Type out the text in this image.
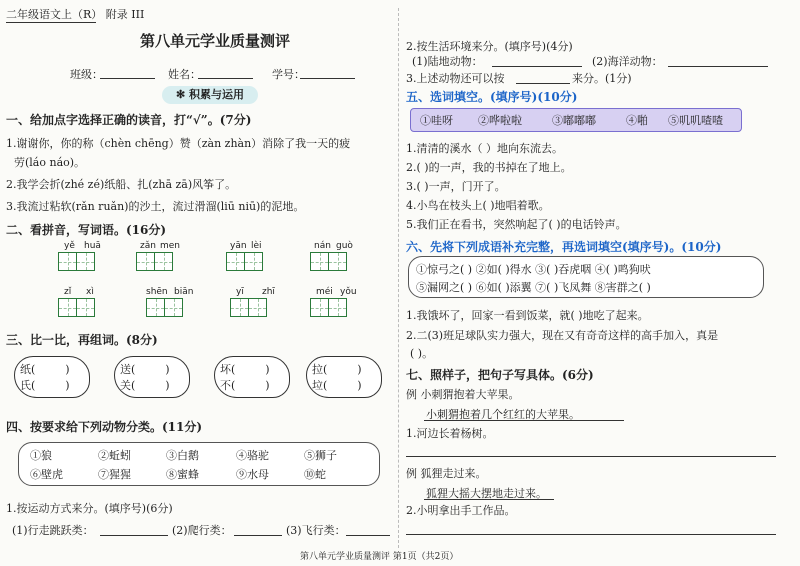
二年级语文上（R） 附录 III
第八单元学业质量测评
班级：	姓名：	学号：
✻ 积累与运用
一、给加点字选择正确的读音，打“√”。(7分)
1.谢谢你，你的称（chèn chēng）赞（zàn zhàn）消除了我一天的疲
劳(láo náo)。
2.我学会折(zhé zé)纸船、扎(zhā zā)风筝了。
3.我流过粘软(rǎn ruǎn)的沙土，流过滑溜(liū niū)的泥地。
二、看拼音，写词语。(16分)
yě huā	zǎn men	yān lèi	nán guò
zǐ xì	shēn biān	yī zhī	méi yǒu
三、比一比，再组词。(8分)
纸(	)
氏(	)
送(	)
关(	)
坏(	)
不(	)
拉(	)
垃(	)
四、按要求给下列动物分类。(11分)
①狼	②蚯蚓	③白鹅	④骆驼	⑤狮子
⑥壁虎	⑦猩猩	⑧蜜蜂	⑨水母	⑩蛇
1.按运动方式来分。(填序号)(6分)
(1)行走跳跃类：	(2)爬行类：	(3)飞行类：
2.按生活环境来分。(填序号)(4分)
(1)陆地动物：	(2)海洋动物：
3.上述动物还可以按	来分。(1分)
五、选词填空。(填序号)(10分)
①哇呀 ②哗啦啦	③嘟嘟嘟	④啪 ⑤叽叽喳喳
1.清清的溪水（ ）地向东流去。
2.( )的一声，我的书掉在了地上。
3.( )一声，门开了。
4.小鸟在枝头上( )地唱着歌。
5.我们正在看书，突然响起了( )的电话铃声。
六、先将下列成语补充完整，再选词填空(填序号)。(10分)
①惊弓之( ) ②如( )得水 ③( )吞虎咽 ④( )鸣狗吠
⑤漏网之( ) ⑥如( )添翼 ⑦( )飞凤舞 ⑧害群之( )
1.我饿坏了，回家一看到饭菜，就( )地吃了起来。
2.二(3)班足球队实力强大，现在又有奇奇这样的高手加入，真是
( )。
七、照样子，把句子写具体。(6分)
例 小刺猬抱着大苹果。
小刺猬抱着几个红红的大苹果。
1.河边长着杨树。
例 狐狸走过来。
狐狸大摇大摆地走过来。
2.小明拿出手工作品。
第八单元学业质量测评 第1页（共2页）
